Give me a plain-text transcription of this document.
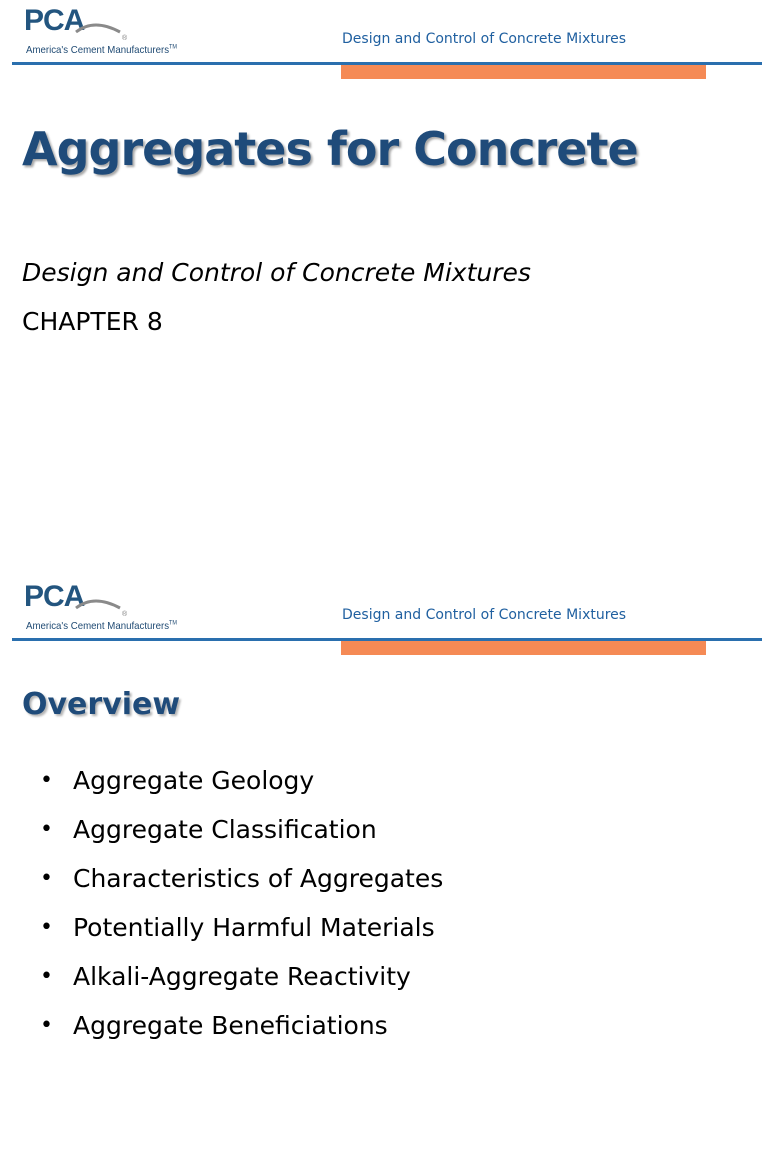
PCA
®
America's Cement Manufacturers™
Design and Control of Concrete Mixtures
Aggregates for Concrete
Design and Control of Concrete Mixtures
CHAPTER 8
PCA
®
America's Cement Manufacturers™
Design and Control of Concrete Mixtures
Overview
• Aggregate Geology
• Aggregate Classification
• Characteristics of Aggregates
• Potentially Harmful Materials
• Alkali-Aggregate Reactivity
• Aggregate Beneficiations
